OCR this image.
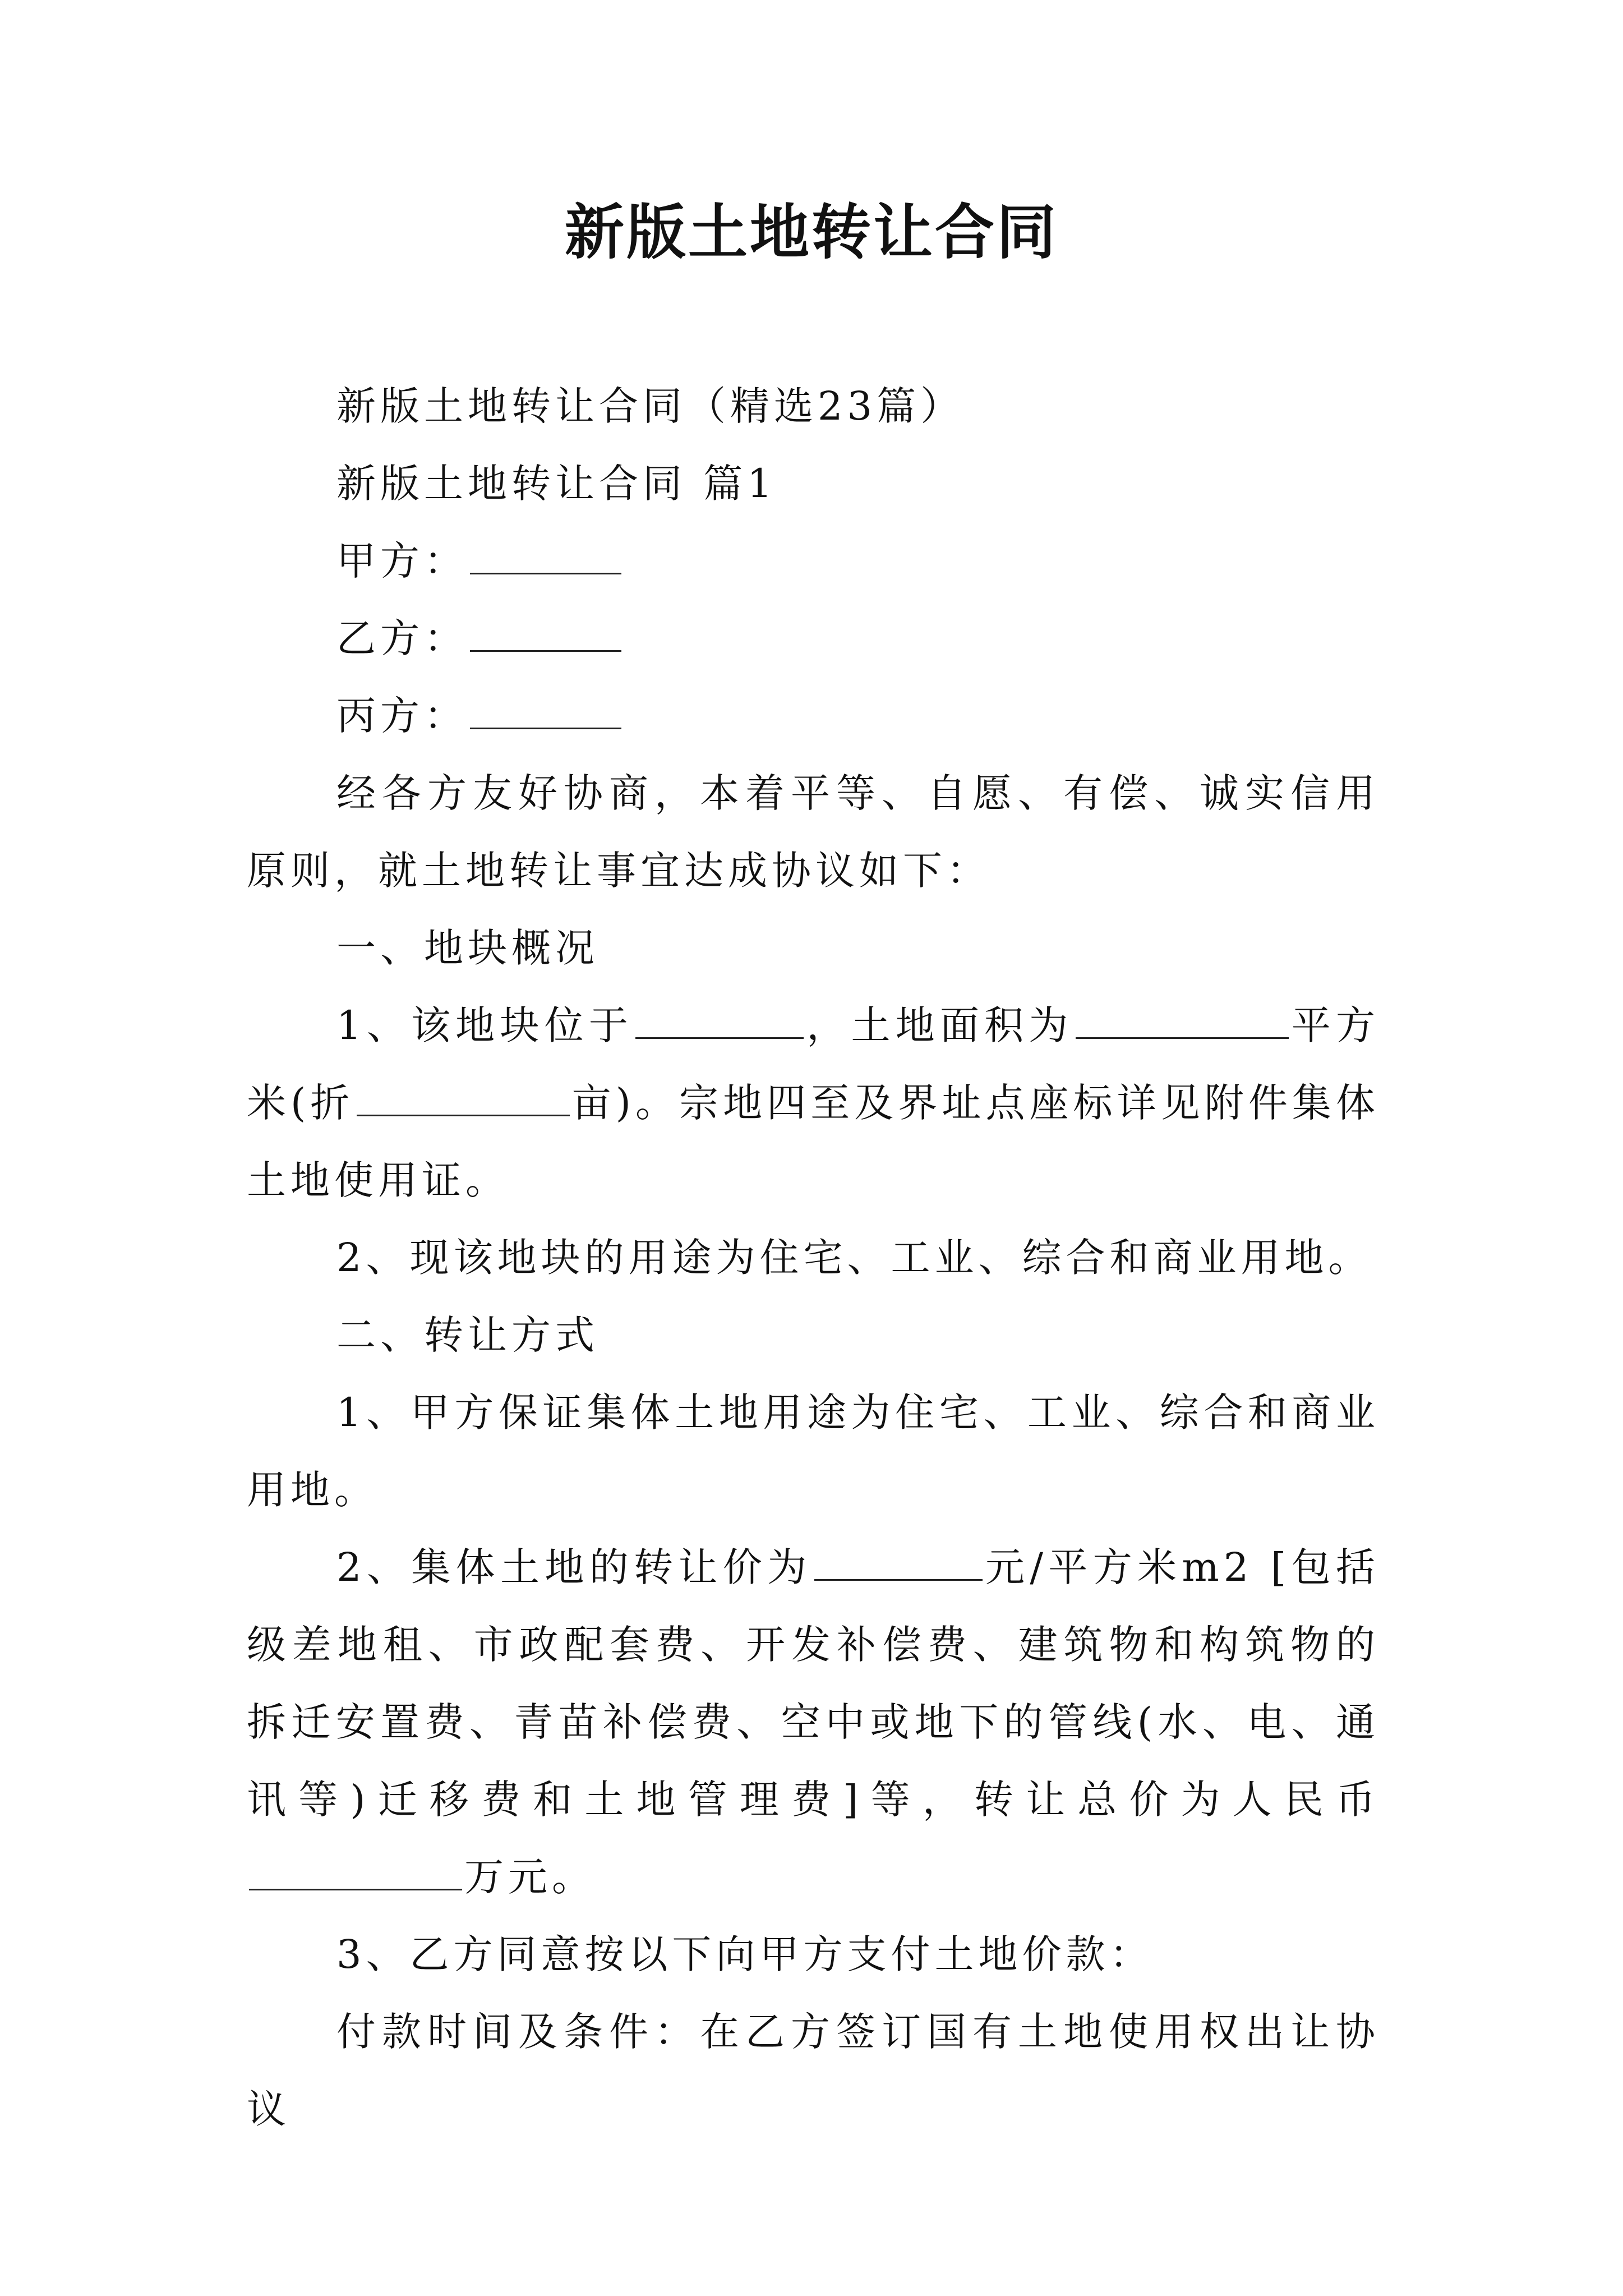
新版土地转让合同

新版土地转让合同（精选23篇）

新版土地转让合同 篇1

甲方：

乙方：

丙方：

经各方友好协商，本着平等、自愿、有偿、诚实信用原则，就土地转让事宜达成协议如下：

一、地块概况

1、该地块位于	，土地面积为	平方米(折	亩)。宗地四至及界址点座标详见附件集体土地使用证。

2、现该地块的用途为住宅、工业、综合和商业用地。

二、转让方式

1、甲方保证集体土地用途为住宅、工业、综合和商业用地。

2、集体土地的转让价为	元/平方米m2 [包括级差地租、市政配套费、开发补偿费、建筑物和构筑物的拆迁安置费、青苗补偿费、空中或地下的管线(水、电、通讯等)迁移费和土地管理费]等，转让总价为人民币万元。

3、乙方同意按以下向甲方支付土地价款：

付款时间及条件：在乙方签订国有土地使用权出让协议
